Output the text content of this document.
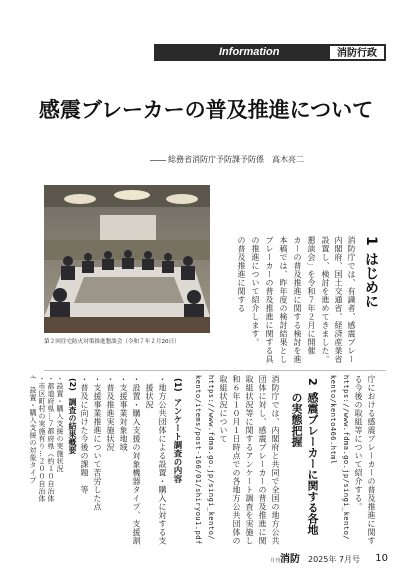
Information	消防行政
感震ブレーカーの普及推進について
総務省消防庁予防課予防係　高木亮二
第２回住宅防火対策推進懇談会（令和７年２月20日）
1
はじめに
消防庁では、有識者、感震ブレー
内閣府、国土交通省、経済産業省
設置し、検討を進めてきました。
懇談会」を令和７年２月に開催
カーの普及推進に関する検討を進
本稿では、昨年度の検討結果とし
ブレーカーの普及推進に関する具
の推進について紹介します。
の普及推進に関する
庁における感震ブレーカーの普及推進に関す
る今後の取組等について紹介する。
https://www.fdma.go.jp/singi_kento/
kento/kento466.html
2
感震ブレーカーに関する各地
の実態把握
消防庁では、内閣府と共同で全国の地方公共
団体に対し、感震ブレーカーの普及推進に関
取組状況等に関するアンケート調査を実施し
和６年１０月１日時点での各地方公共団体の
取組状況について
https://www.fdma.go.jp/singi_kento/
kento/items/post-166/01/shiryou1.pdf
(1)
アンケート調査の内容
・地方公共団体による設置・購入に対する支
　援状況
・設置・購入支援の対象機器タイプ、支援割
・支援事業対象地域
・普及推進実施状況
・支援事業推進について苦労した点
・普及に向けた今後の課題　等
(2)
調査の結果概要
・設置・購入支援の実施状況
・都道府県…７都府県（約１０自治体
・市区町村の実施有り…２００自治体
ｲ　設置・購入支援の対象タイプ
月刊 消防	2025年 7月号	10
